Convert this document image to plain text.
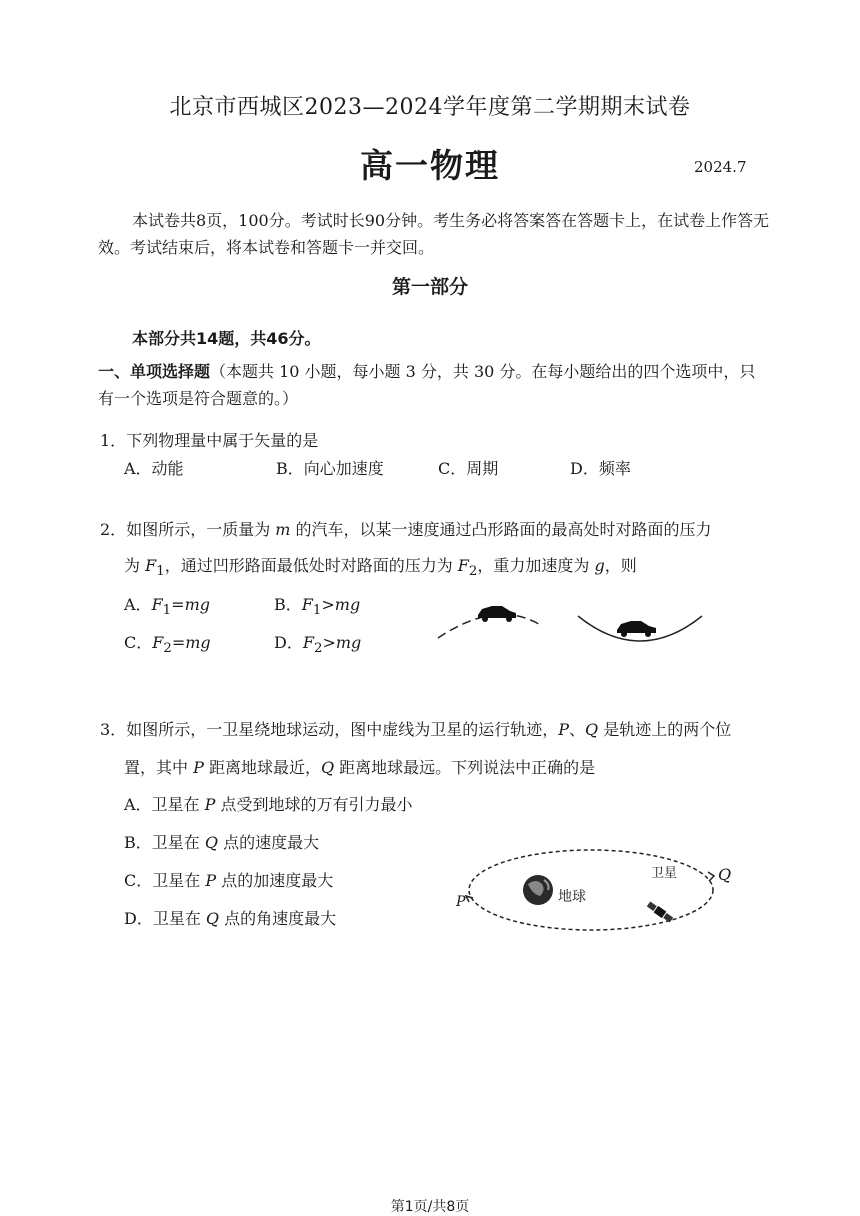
北京市西城区2023—2024学年度第二学期期末试卷
高一物理	2024.7
本试卷共8页，100分。考试时长90分钟。考生务必将答案答在答题卡上，在试卷上作答无效。考试结束后，将本试卷和答题卡一并交回。
第一部分
本部分共14题，共46分。
一、单项选择题（本题共 10 小题，每小题 3 分，共 30 分。在每小题给出的四个选项中，只有一个选项是符合题意的。）
1．下列物理量中属于矢量的是
A．动能	B．向心加速度	C．周期	D．频率
2．如图所示，一质量为 m 的汽车，以某一速度通过凸形路面的最高处时对路面的压力
为 $F_1$，通过凹形路面最低处时对路面的压力为 $F_2$，重力加速度为 g，则
A．$F_1=mg$	B．$F_1>mg$
C．$F_2=mg$	D．$F_2>mg$
3．如图所示，一卫星绕地球运动，图中虚线为卫星的运行轨迹，P、Q 是轨迹上的两个位
置，其中 P 距离地球最近，Q 距离地球最远。下列说法中正确的是
A．卫星在 P 点受到地球的万有引力最小
B．卫星在 Q 点的速度最大
C．卫星在 P 点的加速度最大
D．卫星在 Q 点的角速度最大
地球
卫星
P
Q
第1页/共8页
